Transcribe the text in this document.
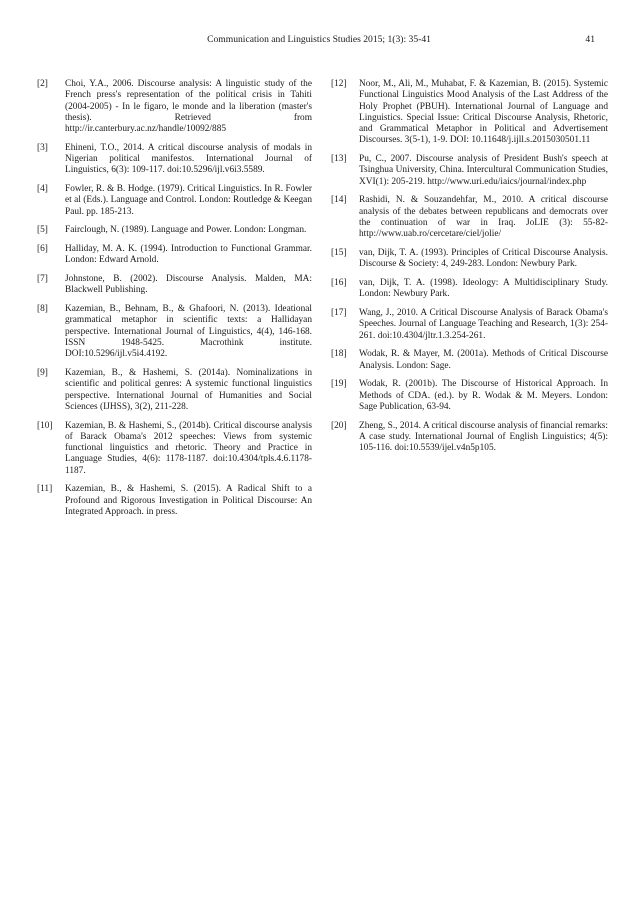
Communication and Linguistics Studies 2015; 1(3): 35-41	41
[2]	Choi, Y.A., 2006. Discourse analysis: A linguistic study of the French press's representation of the political crisis in Tahiti (2004-2005) - In le figaro, le monde and la liberation (master's thesis). Retrieved from http://ir.canterbury.ac.nz/handle/10092/885
[3]	Ehineni, T.O., 2014. A critical discourse analysis of modals in Nigerian political manifestos. International Journal of Linguistics, 6(3): 109-117. doi:10.5296/ijl.v6i3.5589.
[4]	Fowler, R. & B. Hodge. (1979). Critical Linguistics. In R. Fowler et al (Eds.). Language and Control. London: Routledge & Keegan Paul. pp. 185-213.
[5]	Fairclough, N. (1989). Language and Power. London: Longman.
[6]	Halliday, M. A. K. (1994). Introduction to Functional Grammar. London: Edward Arnold.
[7]	Johnstone, B. (2002). Discourse Analysis. Malden, MA: Blackwell Publishing.
[8]	Kazemian, B., Behnam, B., & Ghafoori, N. (2013). Ideational grammatical metaphor in scientific texts: a Hallidayan perspective. International Journal of Linguistics, 4(4), 146-168. ISSN 1948-5425. Macrothink institute. DOI:10.5296/ijl.v5i4.4192.
[9]	Kazemian, B., & Hashemi, S. (2014a). Nominalizations in scientific and political genres: A systemic functional linguistics perspective. International Journal of Humanities and Social Sciences (IJHSS), 3(2), 211-228.
[10]	Kazemian, B. & Hashemi, S., (2014b). Critical discourse analysis of Barack Obama's 2012 speeches: Views from systemic functional linguistics and rhetoric. Theory and Practice in Language Studies, 4(6): 1178-1187. doi:10.4304/tpls.4.6.1178-1187.
[11]	Kazemian, B., & Hashemi, S. (2015). A Radical Shift to a Profound and Rigorous Investigation in Political Discourse: An Integrated Approach. in press.
[12]	Noor, M., Ali, M., Muhabat, F. & Kazemian, B. (2015). Systemic Functional Linguistics Mood Analysis of the Last Address of the Holy Prophet (PBUH). International Journal of Language and Linguistics. Special Issue: Critical Discourse Analysis, Rhetoric, and Grammatical Metaphor in Political and Advertisement Discourses. 3(5-1), 1-9. DOI: 10.11648/j.ijll.s.2015030501.11
[13]	Pu, C., 2007. Discourse analysis of President Bush's speech at Tsinghua University, China. Intercultural Communication Studies, XVI(1): 205-219. http://www.uri.edu/iaics/journal/index.php
[14]	Rashidi, N. & Souzandehfar, M., 2010. A critical discourse analysis of the debates between republicans and democrats over the continuation of war in Iraq. JoLIE (3): 55-82-http://www.uab.ro/cercetare/ciel/jolie/
[15]	van, Dijk, T. A. (1993). Principles of Critical Discourse Analysis. Discourse & Society: 4, 249-283. London: Newbury Park.
[16]	van, Dijk, T. A. (1998). Ideology: A Multidisciplinary Study. London: Newbury Park.
[17]	Wang, J., 2010. A Critical Discourse Analysis of Barack Obama's Speeches. Journal of Language Teaching and Research, 1(3): 254-261. doi:10.4304/jltr.1.3.254-261.
[18]	Wodak, R. & Mayer, M. (2001a). Methods of Critical Discourse Analysis. London: Sage.
[19]	Wodak, R. (2001b). The Discourse of Historical Approach. In Methods of CDA. (ed.). by R. Wodak & M. Meyers. London: Sage Publication, 63-94.
[20]	Zheng, S., 2014. A critical discourse analysis of financial remarks: A case study. International Journal of English Linguistics; 4(5): 105-116. doi:10.5539/ijel.v4n5p105.
